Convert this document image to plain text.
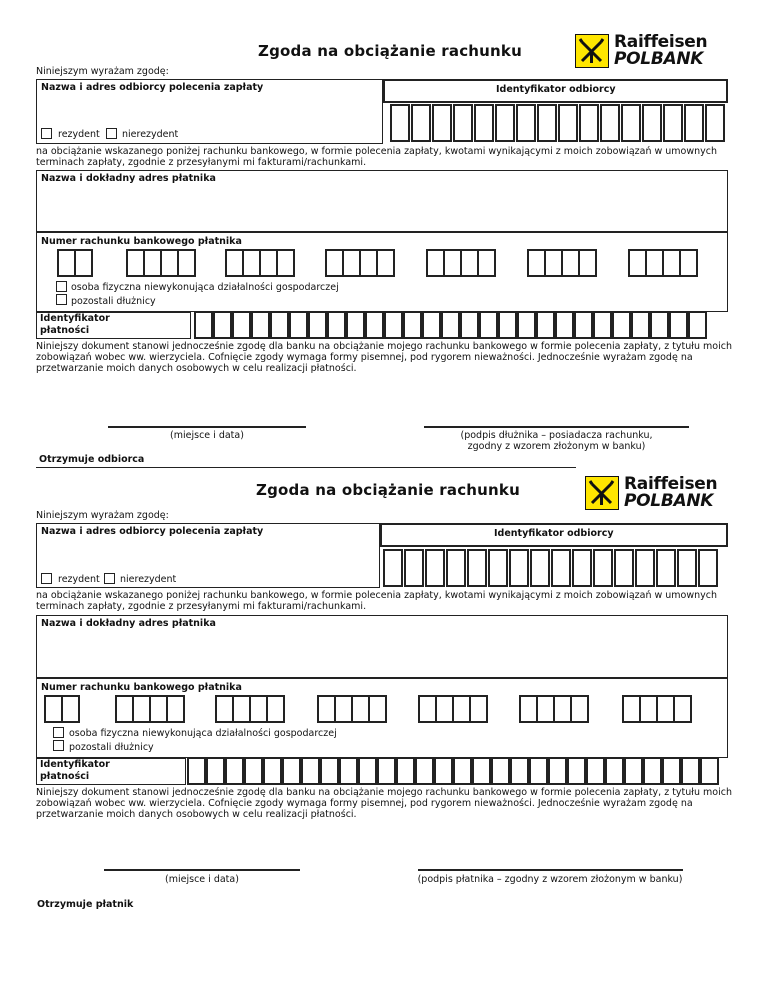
Zgoda na obciążanie rachunku	Raiffeisen
POLBANK
Niniejszym wyrażam zgodę:
Nazwa i adres odbiorcy polecenia zapłaty
rezydent nierezydent
Identyfikator odbiorcy
na obciążanie wskazanego poniżej rachunku bankowego, w formie polecenia zapłaty, kwotami wynikającymi z moich zobowiązań w umownych
terminach zapłaty, zgodnie z przesyłanymi mi fakturami/rachunkami.
Nazwa i dokładny adres płatnika
Numer rachunku bankowego płatnika
osoba fizyczna niewykonująca działalności gospodarczej
pozostali dłużnicy
Identyfikator
płatności
Niniejszy dokument stanowi jednocześnie zgodę dla banku na obciążanie mojego rachunku bankowego w formie polecenia zapłaty, z tytułu moich
zobowiązań wobec ww. wierzyciela. Cofnięcie zgody wymaga formy pisemnej, pod rygorem nieważności. Jednocześnie wyrażam zgodę na
przetwarzanie moich danych osobowych w celu realizacji płatności.
(miejsce i data)	(podpis dłużnika – posiadacza rachunku,
zgodny z wzorem złożonym w banku)
Otrzymuje odbiorca
Zgoda na obciążanie rachunku	Raiffeisen
POLBANK
Niniejszym wyrażam zgodę:
Nazwa i adres odbiorcy polecenia zapłaty
rezydent nierezydent
Identyfikator odbiorcy
na obciążanie wskazanego poniżej rachunku bankowego, w formie polecenia zapłaty, kwotami wynikającymi z moich zobowiązań w umownych
terminach zapłaty, zgodnie z przesyłanymi mi fakturami/rachunkami.
Nazwa i dokładny adres płatnika
Numer rachunku bankowego płatnika
osoba fizyczna niewykonująca działalności gospodarczej
pozostali dłużnicy
Identyfikator
płatności
Niniejszy dokument stanowi jednocześnie zgodę dla banku na obciążanie mojego rachunku bankowego w formie polecenia zapłaty, z tytułu moich
zobowiązań wobec ww. wierzyciela. Cofnięcie zgody wymaga formy pisemnej, pod rygorem nieważności. Jednocześnie wyrażam zgodę na
przetwarzanie moich danych osobowych w celu realizacji płatności.
(miejsce i data)	(podpis płatnika – zgodny z wzorem złożonym w banku)
Otrzymuje płatnik
